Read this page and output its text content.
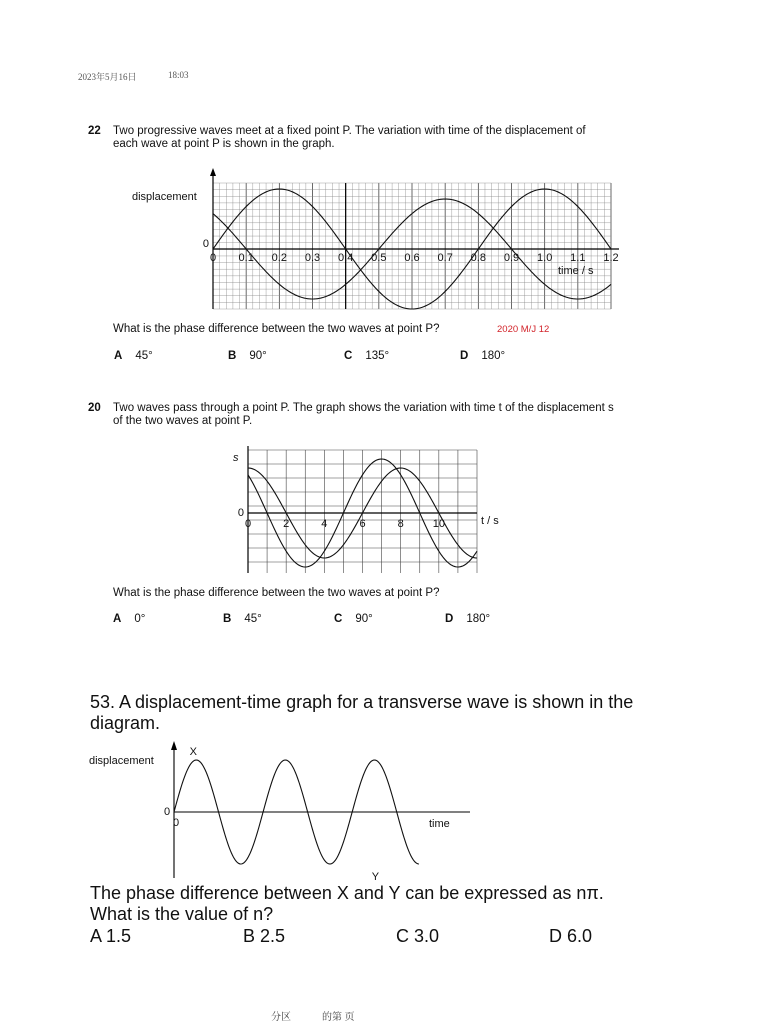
2023年5月16日	18:03
22 Two progressive waves meet at a fixed point P. The variation with time of the displacement of
each wave at point P is shown in the graph.
0 0.1 0.2 0.3 0.4 0.5 0.6 0.7 0.8 0.9 1.0 1.1 1.2
0
displacement
time / s
What is the phase difference between the two waves at point P?	2020 M/J 12
A 45°	B 90°	C 135°	D 180°
20 Two waves pass through a point P. The graph shows the variation with time t of the displacement s
of the two waves at point P.
0	2	4	6	8	10
0
s
t / s
What is the phase difference between the two waves at point P?
A 0°	B 45°	C 90°	D 180°
53. A displacement-time graph for a transverse wave is shown in the
diagram.
displacement
time
0
0
X
Y
The phase difference between X and Y can be expressed as nπ.
What is the value of n?
A 1.5	B 2.5	C 3.0	D 6.0
分区	的第 页
